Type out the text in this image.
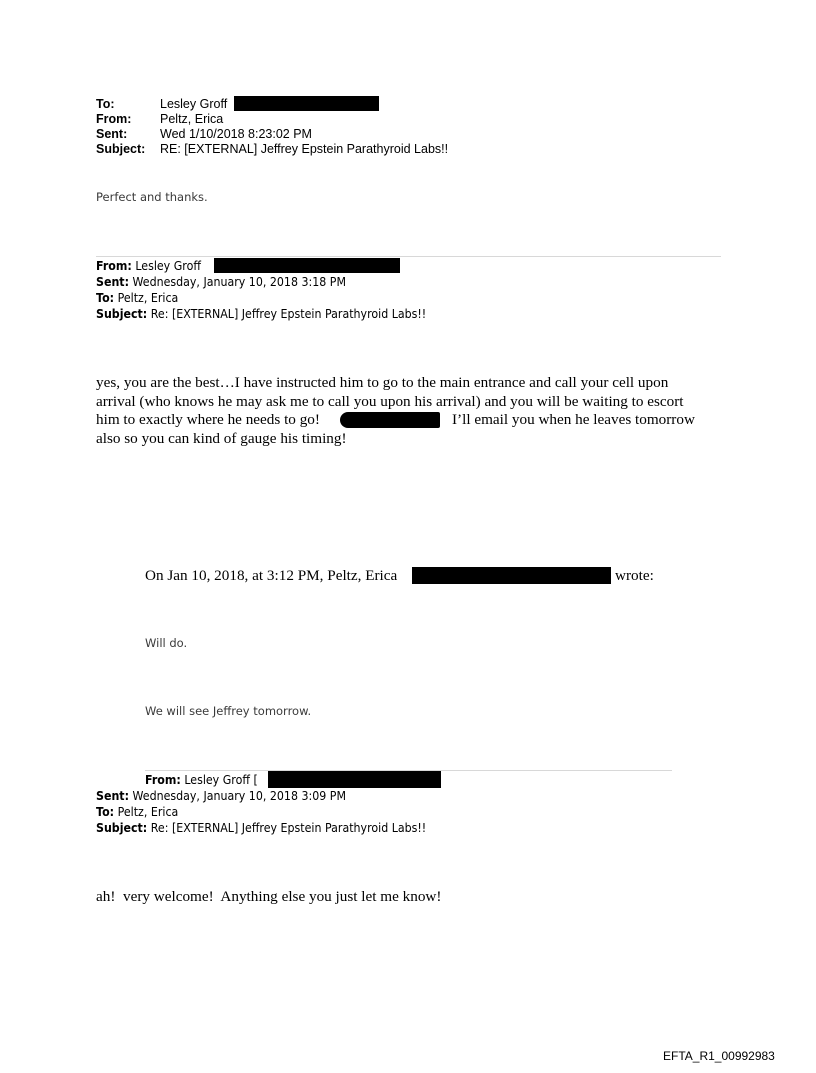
To:	Lesley Groff
From: Peltz, Erica
Sent:	Wed 1/10/2018 8:23:02 PM
Subject: RE: [EXTERNAL] Jeffrey Epstein Parathyroid Labs!!
Perfect and thanks.
From: Lesley Groff
Sent: Wednesday, January 10, 2018 3:18 PM
To: Peltz, Erica
Subject: Re: [EXTERNAL] Jeffrey Epstein Parathyroid Labs!!
yes, you are the best…I have instructed him to go to the main entrance and call your cell upon
arrival (who knows he may ask me to call you upon his arrival) and you will be waiting to escort
him to exactly where he needs to go!	I’ll email you when he leaves tomorrow
also so you can kind of gauge his timing!
On Jan 10, 2018, at 3:12 PM, Peltz, Erica	wrote:
Will do.
We will see Jeffrey tomorrow.
From: Lesley Groff [
Sent: Wednesday, January 10, 2018 3:09 PM
To: Peltz, Erica
Subject: Re: [EXTERNAL] Jeffrey Epstein Parathyroid Labs!!
ah!  very welcome!  Anything else you just let me know!
EFTA_R1_00992983
